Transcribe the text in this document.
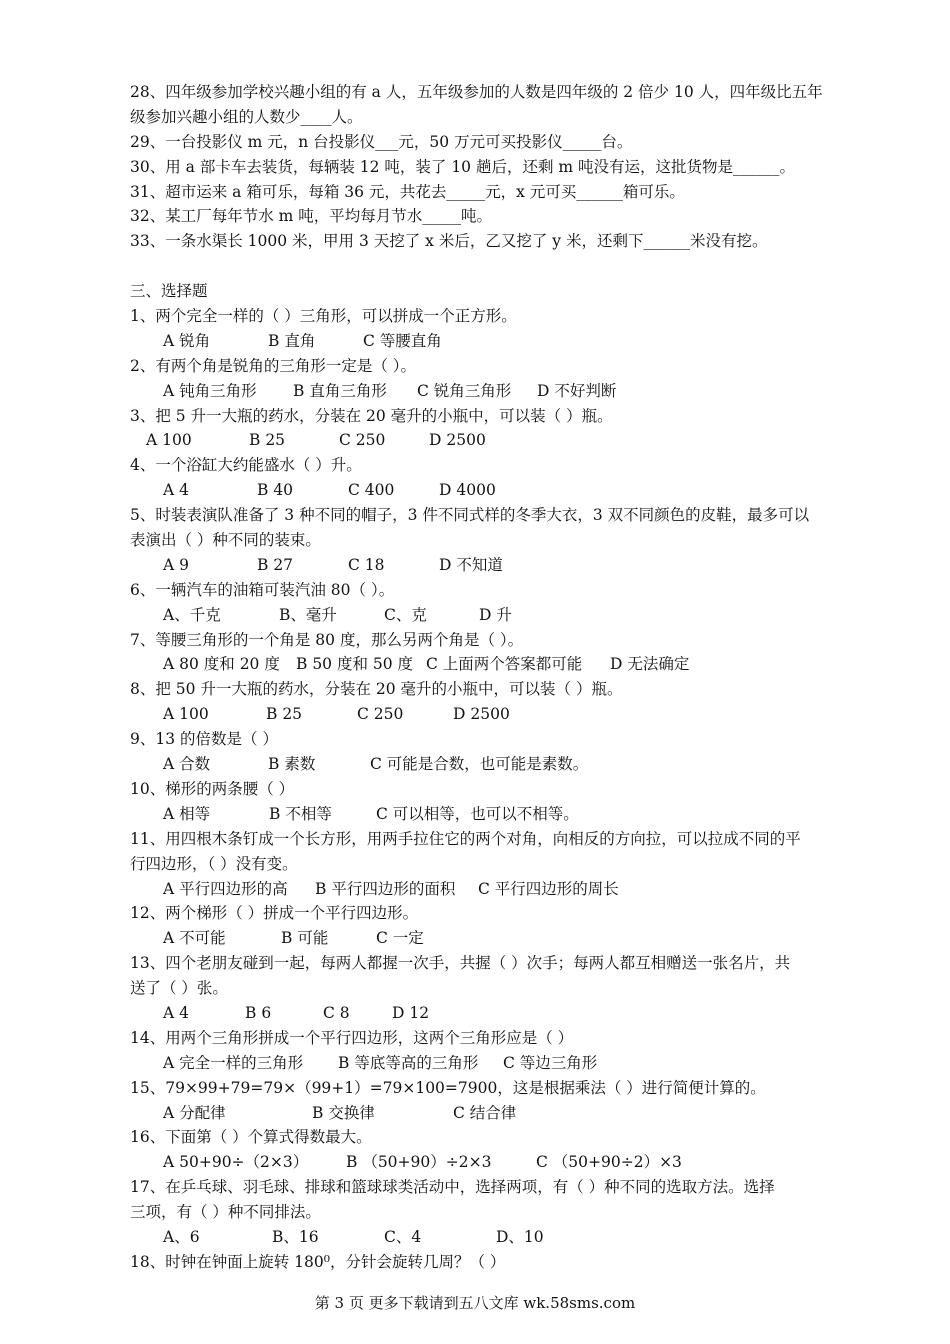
28、四年级参加学校兴趣小组的有 a 人，五年级参加的人数是四年级的 2 倍少 10 人，四年级比五年
级参加兴趣小组的人数少____人。
29、一台投影仪 m 元，n 台投影仪___元，50 万元可买投影仪_____台。
30、用 a 部卡车去装货，每辆装 12 吨，装了 10 趟后，还剩 m 吨没有运，这批货物是______。
31、超市运来 a 箱可乐，每箱 36 元，共花去_____元，x 元可买______箱可乐。
32、某工厂每年节水 m 吨，平均每月节水_____吨。
33、一条水渠长 1000 米，甲用 3 天挖了 x 米后，乙又挖了 y 米，还剩下______米没有挖。
三、选择题
1、两个完全一样的（ ）三角形，可以拼成一个正方形。
A 锐角	B 直角	C 等腰直角
2、有两个角是锐角的三角形一定是（ ）。
A 钝角三角形 B 直角三角形 C 锐角三角形 D 不好判断
3、把 5 升一大瓶的药水，分装在 20 毫升的小瓶中，可以装（ ）瓶。
A 100	B 25	C 250	D 2500
4、一个浴缸大约能盛水（ ）升。
A 4	B 40	C 400	D 4000
5、时装表演队准备了 3 种不同的帽子，3 件不同式样的冬季大衣，3 双不同颜色的皮鞋，最多可以
表演出（ ）种不同的装束。
A 9	B 27	C 18	D 不知道
6、一辆汽车的油箱可装汽油 80（ ）。
A、千克	B、毫升	C、克	D 升
7、等腰三角形的一个角是 80 度，那么另两个角是（ ）。
A 80 度和 20 度 B 50 度和 50 度 C 上面两个答案都可能 D 无法确定
8、把 50 升一大瓶的药水，分装在 20 毫升的小瓶中，可以装（ ）瓶。
A 100	B 25	C 250	D 2500
9、13 的倍数是（ ）
A 合数	B 素数	C 可能是合数，也可能是素数。
10、梯形的两条腰（ ）
A 相等	B 不相等	C 可以相等，也可以不相等。
11、用四根木条钉成一个长方形，用两手拉住它的两个对角，向相反的方向拉，可以拉成不同的平
行四边形，（ ）没有变。
A 平行四边形的高 B 平行四边形的面积 C 平行四边形的周长
12、两个梯形（ ）拼成一个平行四边形。
A 不可能	B 可能	C 一定
13、四个老朋友碰到一起，每两人都握一次手，共握（ ）次手；每两人都互相赠送一张名片，共
送了（ ）张。
A 4	B 6	C 8	D 12
14、用两个三角形拼成一个平行四边形，这两个三角形应是（ ）
A 完全一样的三角形 B 等底等高的三角形 C 等边三角形
15、79×99+79=79×（99+1）=79×100=7900，这是根据乘法（ ）进行简便计算的。
A 分配律	B 交换律	C 结合律
16、下面第（ ）个算式得数最大。
A 50+90÷（2×3） B （50+90）÷2×3	C （50+90÷2）×3
17、在乒乓球、羽毛球、排球和篮球球类活动中，选择两项，有（ ）种不同的选取方法。选择
三项，有（ ）种不同排法。
A、6	B、16	C、4	D、10
18、时钟在钟面上旋转 180⁰，分针会旋转几周？（ ）
第 3 页 更多下载请到五八文库 wk.58sms.com
